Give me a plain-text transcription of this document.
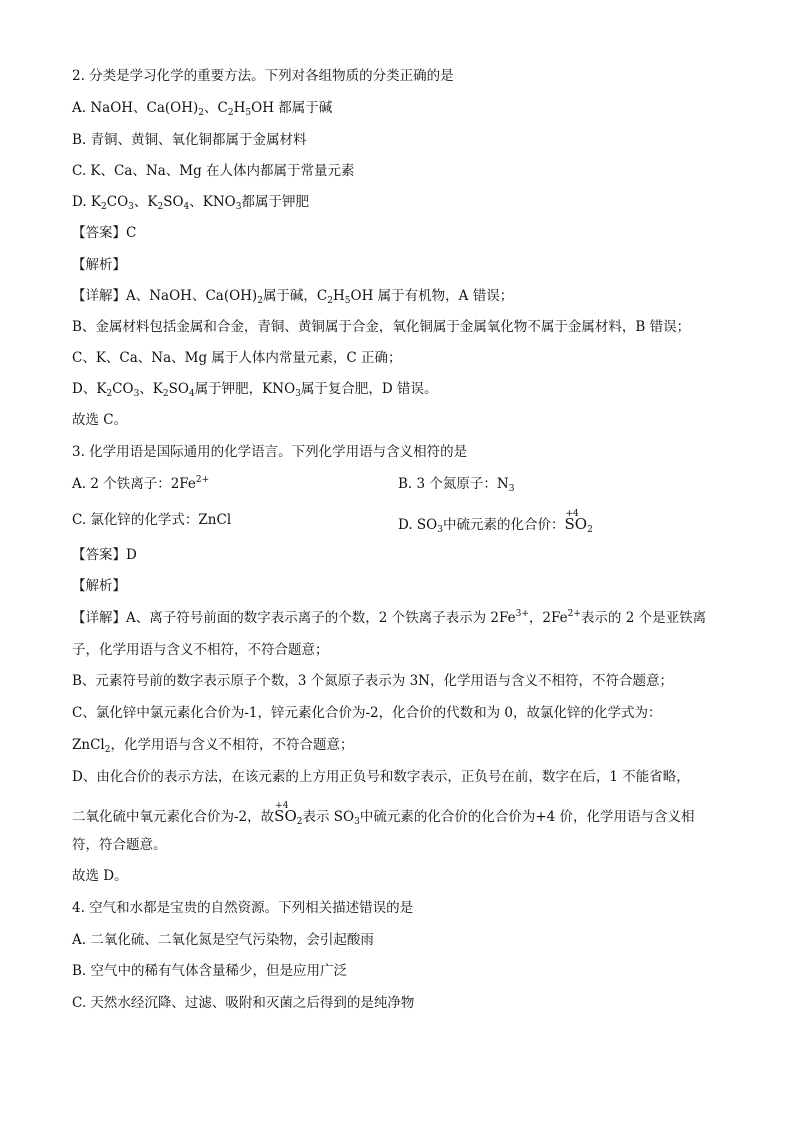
2. 分类是学习化学的重要方法。下列对各组物质的分类正确的是
A. NaOH、$Ca(OH)_2$、$C_2H_5OH$ 都属于碱
B. 青铜、黄铜、氧化铜都属于金属材料
C. K、Ca、Na、Mg 在人体内都属于常量元素
D. $K_2CO_3$、$K_2SO_4$、$KNO_3$都属于钾肥
【答案】C
【解析】
【详解】A、NaOH、$Ca(OH)_2$属于碱，$C_2H_5OH$ 属于有机物，A 错误；
B、金属材料包括金属和合金，青铜、黄铜属于合金，氧化铜属于金属氧化物不属于金属材料，B 错误；
C、K、Ca、Na、Mg 属于人体内常量元素，C 正确；
D、$K_2CO_3$、$K_2SO_4$属于钾肥，$KNO_3$属于复合肥，D 错误。
故选 C。
3. 化学用语是国际通用的化学语言。下列化学用语与含义相符的是
A. 2 个铁离子：$2Fe^{2+}$	B. 3 个氮原子：$N_3$
C. 氯化锌的化学式：ZnCl	D. $SO_3$中硫元素的化合价：
+4
$SO_2$
【答案】D
【解析】
【详解】A、离子符号前面的数字表示离子的个数，2 个铁离子表示为 $2Fe^{3+}$，$2Fe^{2+}$表示的 2 个是亚铁离
子，化学用语与含义不相符，不符合题意；
B、元素符号前的数字表示原子个数，3 个氮原子表示为 3N，化学用语与含义不相符，不符合题意；
C、氯化锌中氯元素化合价为-1，锌元素化合价为-2，化合价的代数和为 0，故氯化锌的化学式为：
ZnCl$_2$，化学用语与含义不相符，不符合题意；
D、由化合价的表示方法，在该元素的上方用正负号和数字表示，正负号在前，数字在后，1 不能省略，
二氧化硫中氧元素化合价为-2，故
+4
$SO_2$表示 $SO_3$中硫元素的化合价的化合价为+4 价，化学用语与含义相
符，符合题意。
故选 D。
4. 空气和水都是宝贵的自然资源。下列相关描述错误的是
A. 二氧化硫、二氧化氮是空气污染物，会引起酸雨
B. 空气中的稀有气体含量稀少，但是应用广泛
C. 天然水经沉降、过滤、吸附和灭菌之后得到的是纯净物
